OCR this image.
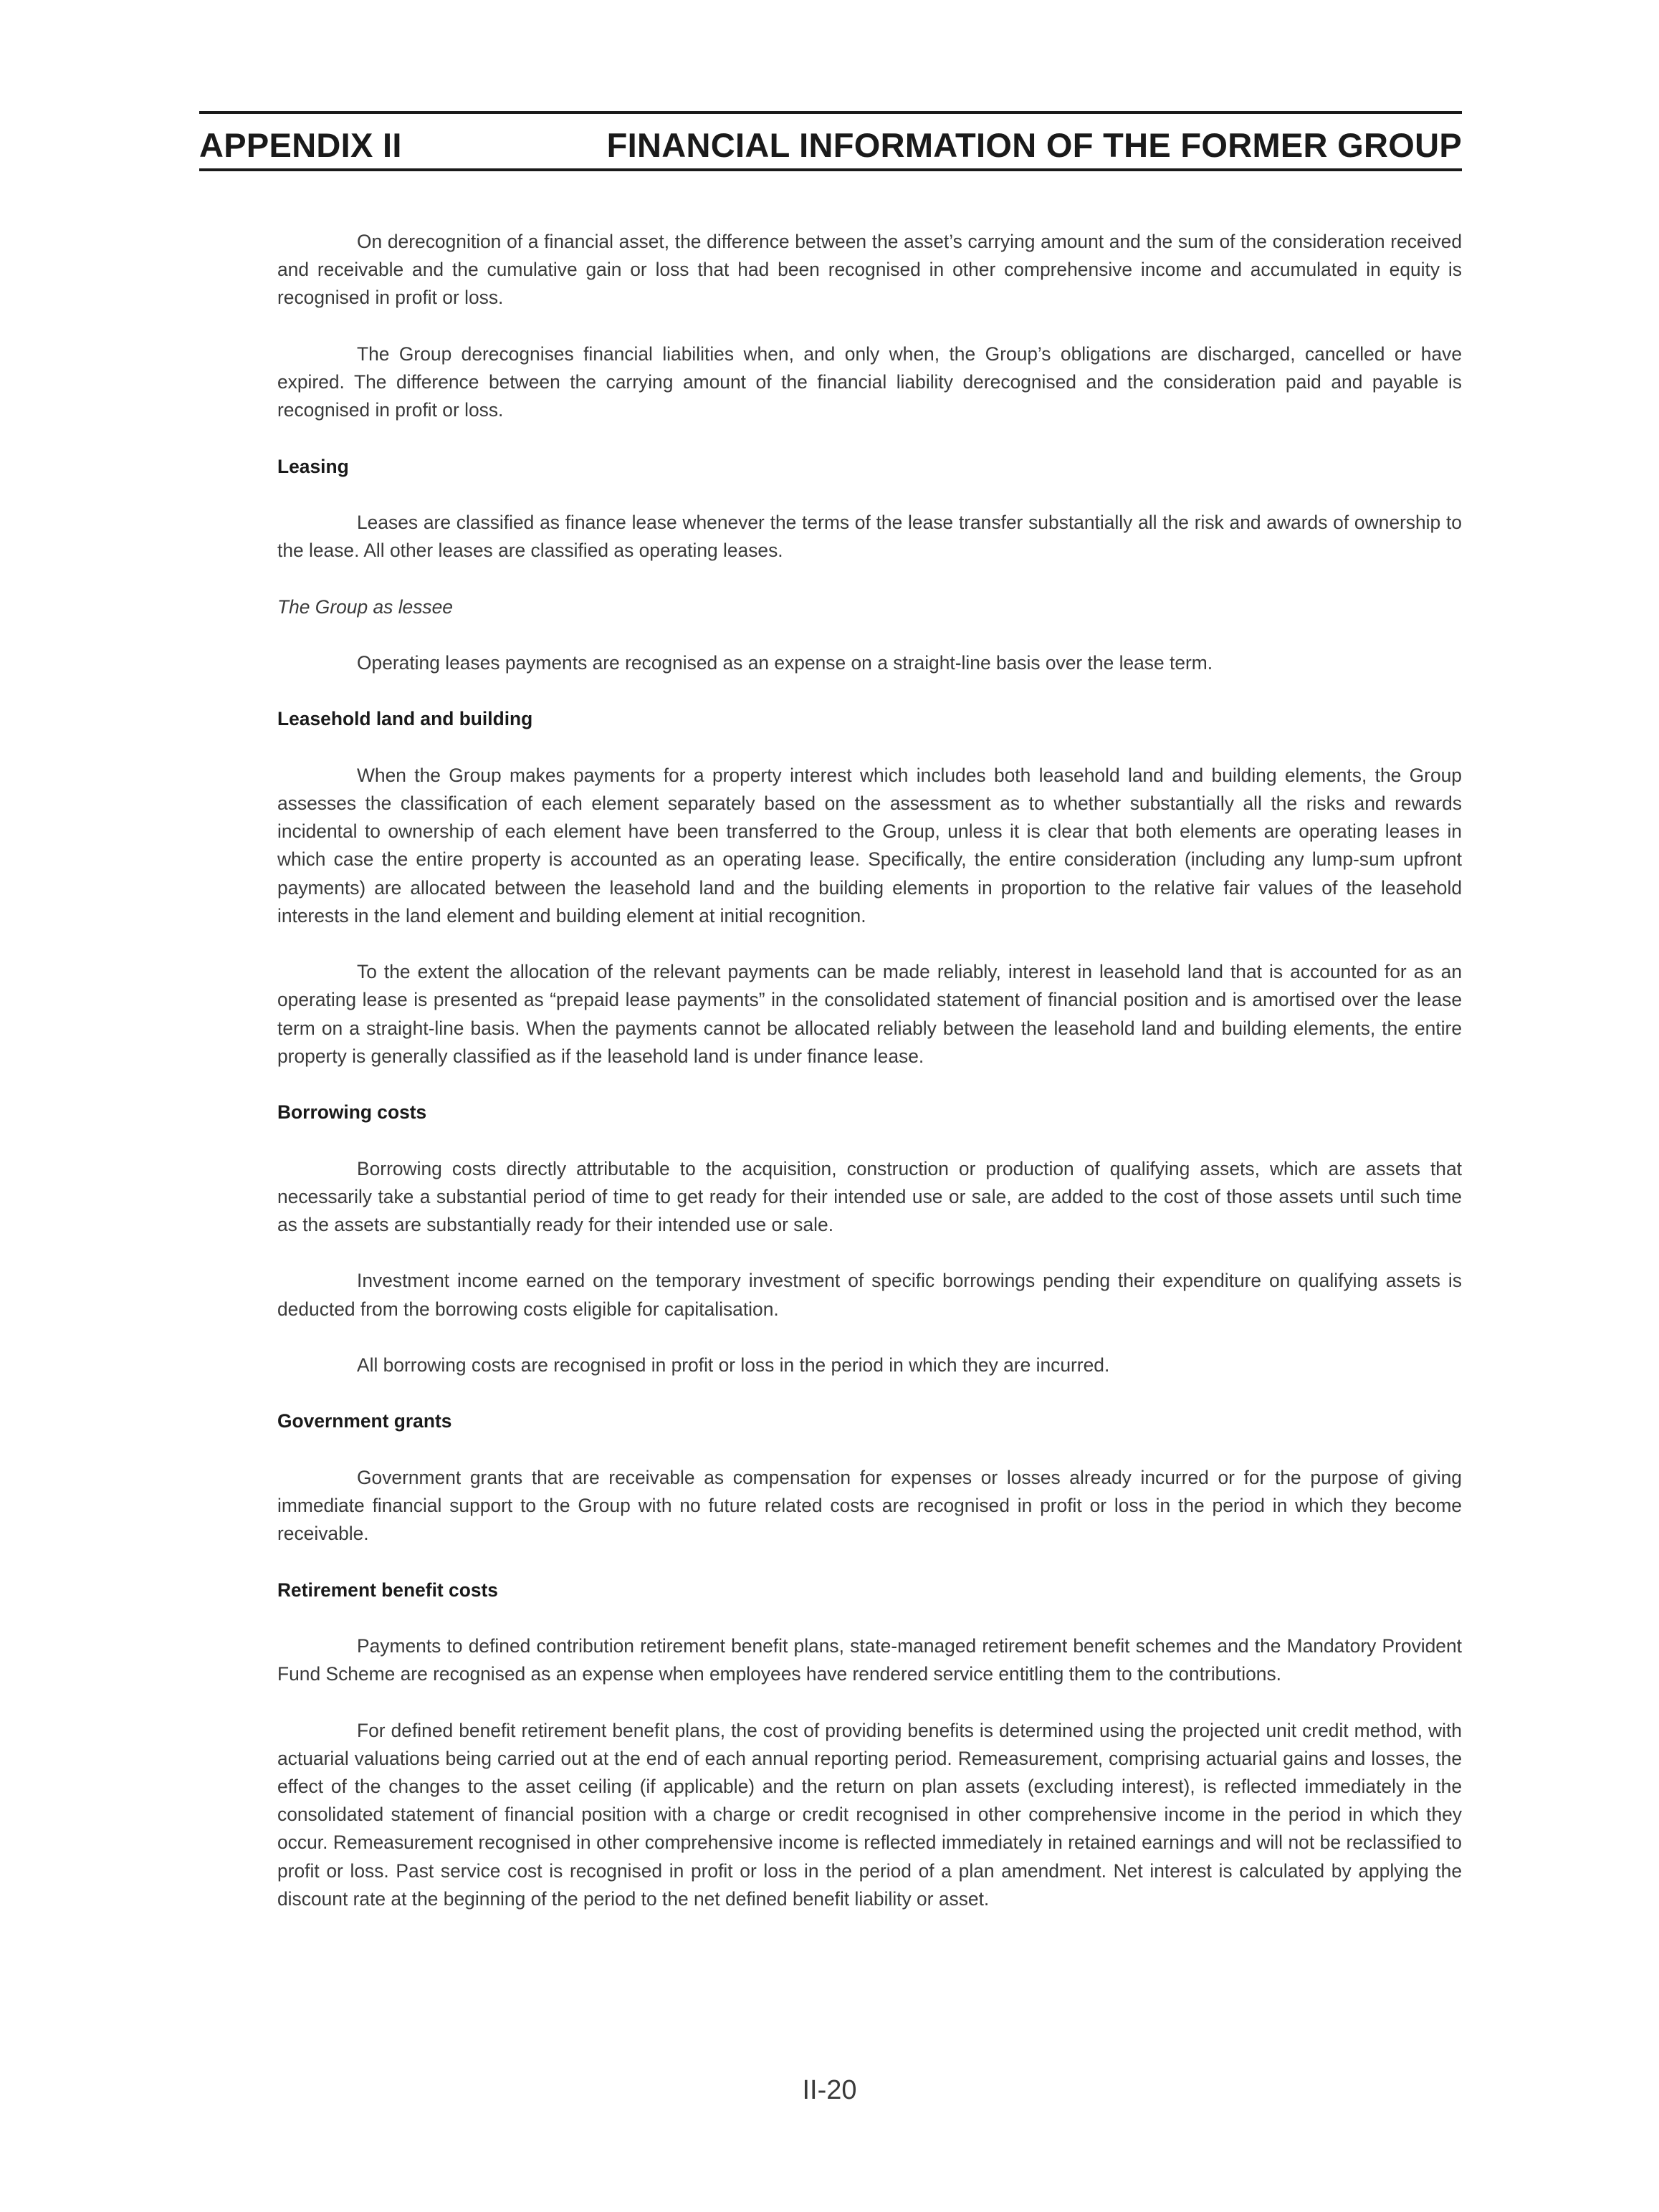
APPENDIX II	FINANCIAL INFORMATION OF THE FORMER GROUP

On derecognition of a financial asset, the difference between the asset’s carrying amount and the sum of the consideration received and receivable and the cumulative gain or loss that had been recognised in other comprehensive income and accumulated in equity is recognised in profit or loss.

The Group derecognises financial liabilities when, and only when, the Group’s obligations are discharged, cancelled or have expired. The difference between the carrying amount of the financial liability derecognised and the consideration paid and payable is recognised in profit or loss.

Leasing

Leases are classified as finance lease whenever the terms of the lease transfer substantially all the risk and awards of ownership to the lease. All other leases are classified as operating leases.

The Group as lessee

Operating leases payments are recognised as an expense on a straight-line basis over the lease term.

Leasehold land and building

When the Group makes payments for a property interest which includes both leasehold land and building elements, the Group assesses the classification of each element separately based on the assessment as to whether substantially all the risks and rewards incidental to ownership of each element have been transferred to the Group, unless it is clear that both elements are operating leases in which case the entire property is accounted as an operating lease. Specifically, the entire consideration (including any lump-sum upfront payments) are allocated between the leasehold land and the building elements in proportion to the relative fair values of the leasehold interests in the land element and building element at initial recognition.

To the extent the allocation of the relevant payments can be made reliably, interest in leasehold land that is accounted for as an operating lease is presented as “prepaid lease payments” in the consolidated statement of financial position and is amortised over the lease term on a straight-line basis. When the payments cannot be allocated reliably between the leasehold land and building elements, the entire property is generally classified as if the leasehold land is under finance lease.

Borrowing costs

Borrowing costs directly attributable to the acquisition, construction or production of qualifying assets, which are assets that necessarily take a substantial period of time to get ready for their intended use or sale, are added to the cost of those assets until such time as the assets are substantially ready for their intended use or sale.

Investment income earned on the temporary investment of specific borrowings pending their expenditure on qualifying assets is deducted from the borrowing costs eligible for capitalisation.

All borrowing costs are recognised in profit or loss in the period in which they are incurred.

Government grants

Government grants that are receivable as compensation for expenses or losses already incurred or for the purpose of giving immediate financial support to the Group with no future related costs are recognised in profit or loss in the period in which they become receivable.

Retirement benefit costs

Payments to defined contribution retirement benefit plans, state-managed retirement benefit schemes and the Mandatory Provident Fund Scheme are recognised as an expense when employees have rendered service entitling them to the contributions.

For defined benefit retirement benefit plans, the cost of providing benefits is determined using the projected unit credit method, with actuarial valuations being carried out at the end of each annual reporting period. Remeasurement, comprising actuarial gains and losses, the effect of the changes to the asset ceiling (if applicable) and the return on plan assets (excluding interest), is reflected immediately in the consolidated statement of financial position with a charge or credit recognised in other comprehensive income in the period in which they occur. Remeasurement recognised in other comprehensive income is reflected immediately in retained earnings and will not be reclassified to profit or loss. Past service cost is recognised in profit or loss in the period of a plan amendment. Net interest is calculated by applying the discount rate at the beginning of the period to the net defined benefit liability or asset.

II-20
